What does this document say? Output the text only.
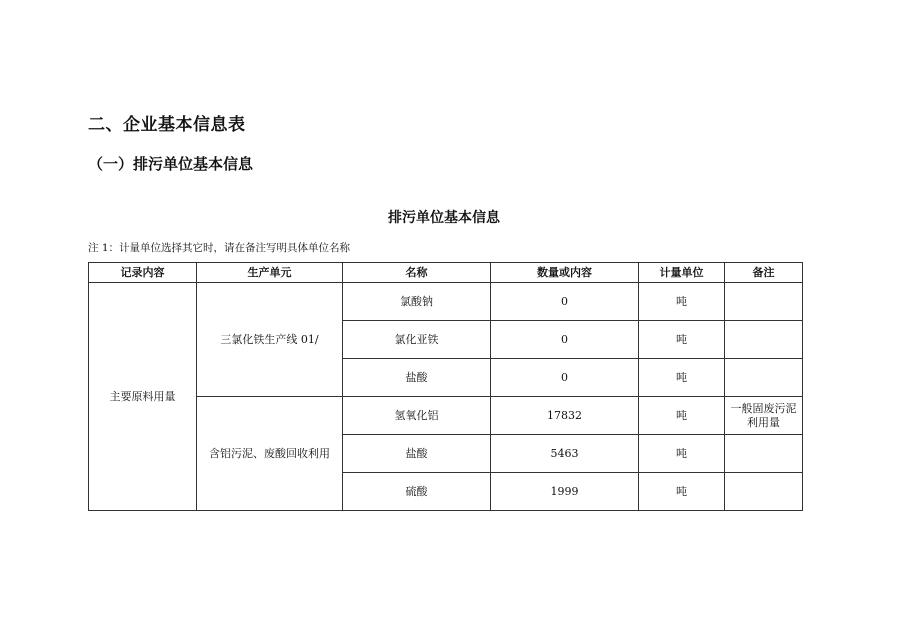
二、企业基本信息表
（一）排污单位基本信息
排污单位基本信息
注 1：计量单位选择其它时，请在备注写明具体单位名称
记录内容	生产单元	名称	数量或内容	计量单位	备注
主要原料用量	三氯化铁生产线 01/	氯酸钠	0	吨	
		氯化亚铁	0	吨	
		盐酸	0	吨	
	含铝污泥、废酸回收利用	氢氧化铝	17832	吨	一般固废污泥利用量
		盐酸	5463	吨	
		硫酸	1999	吨	
